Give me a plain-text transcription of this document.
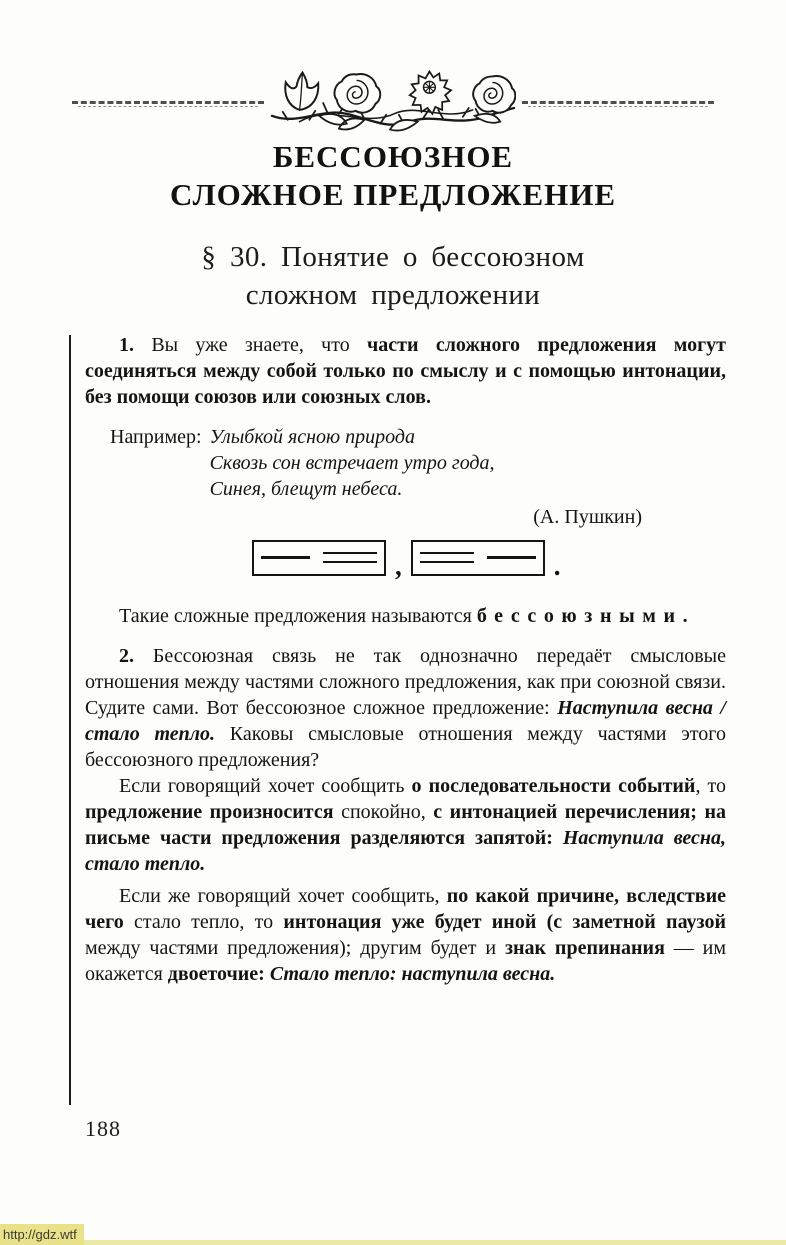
БЕССОЮЗНОЕ
СЛОЖНОЕ ПРЕДЛОЖЕНИЕ
§ 30. Понятие о бессоюзном
сложном предложении

1. Вы уже знаете, что части сложного предложения могут соединяться между собой только по смыслу и с помощью интонации, без помощи союзов или союзных слов.

Например: Улыбкой ясною природа
Сквозь сон встречает утро года,
Синея, блещут небеса.

(А. Пушкин)

,	.

Такие сложные предложения называются бессоюзными.

2. Бессоюзная связь не так однозначно передаёт смысловые отношения между частями сложного предложения, как при союзной связи. Судите сами. Вот бессоюзное сложное предложение: Наступила весна / стало тепло. Каковы смысловые отношения между частями этого бессоюзного предложения?

Если говорящий хочет сообщить о последовательности событий, то предложение произносится спокойно, с интонацией перечисления; на письме части предложения разделяются запятой: Наступила весна, стало тепло.

Если же говорящий хочет сообщить, по какой причине, вследствие чего стало тепло, то интонация уже будет иной (с заметной паузой между частями предложения); другим будет и знак препинания — им окажется двоеточие: Стало тепло: наступила весна.

188
http://gdz.wtf
